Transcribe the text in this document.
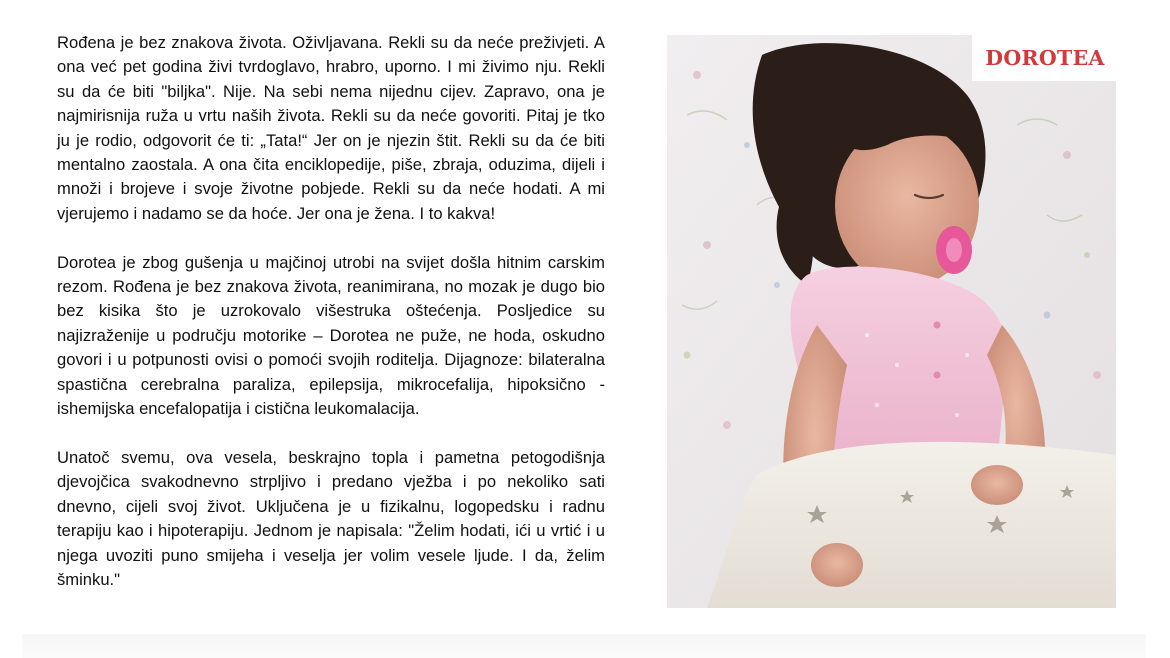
Rođena je bez znakova života. Oživljavana. Rekli su da neće preživjeti. A ona već pet godina živi tvrdoglavo, hrabro, uporno. I mi živimo nju. Rekli su da će biti "biljka". Nije. Na sebi nema nijednu cijev. Zapravo, ona je najmirisnija ruža u vrtu naših života. Rekli su da neće govoriti. Pitaj je tko ju je rodio, odgovorit će ti: „Tata!“ Jer on je njezin štit. Rekli su da će biti mentalno zaostala. A ona čita enciklopedije, piše, zbraja, oduzima, dijeli i množi i brojeve i svoje životne pobjede. Rekli su da neće hodati. A mi vjerujemo i nadamo se da hoće. Jer ona je žena. I to kakva!

Dorotea je zbog gušenja u majčinoj utrobi na svijet došla hitnim carskim rezom. Rođena je bez znakova života, reanimirana, no mozak je dugo bio bez kisika što je uzrokovalo višestruka oštećenja. Posljedice su najizraženije u području motorike – Dorotea ne puže, ne hoda, oskudno govori i u potpunosti ovisi o pomoći svojih roditelja. Dijagnoze: bilateralna spastična cerebralna paraliza, epilepsija, mikrocefalija, hipoksično - ishemijska encefalopatija i cistična leukomalacija.

Unatoč svemu, ova vesela, beskrajno topla i pametna petogodišnja djevojčica svakodnevno strpljivo i predano vježba i po nekoliko sati dnevno, cijeli svoj život. Uključena je u fizikalnu, logopedsku i radnu terapiju kao i hipoterapiju. Jednom je napisala: "Želim hodati, ići u vrtić i u njega uvoziti puno smijeha i veselja jer volim vesele ljude. I da, želim šminku."

DOROTEA
